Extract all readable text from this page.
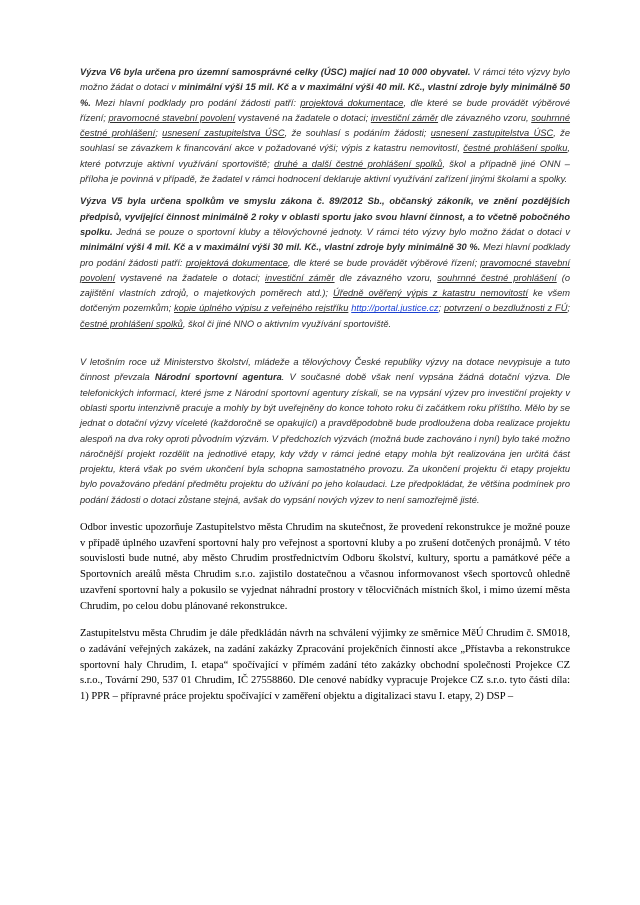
Výzva V6 byla určena pro územní samosprávné celky (ÚSC) mající nad 10 000 obyvatel. V rámci této výzvy bylo možno žádat o dotaci v minimální výši 15 mil. Kč a v maximální výši 40 mil. Kč., vlastní zdroje byly minimálně 50 %. Mezi hlavní podklady pro podání žádosti patří: projektová dokumentace, dle které se bude provádět výběrové řízení; pravomocné stavební povolení vystavené na žadatele o dotaci; investiční záměr dle závazného vzoru, souhrnné čestné prohlášení; usnesení zastupitelstva ÚSC, že souhlasí s podáním žádosti; usnesení zastupitelstva ÚSC, že souhlasí se závazkem k financování akce v požadované výši; výpis z katastru nemovitostí, čestné prohlášení spolku, které potvrzuje aktivní využívání sportoviště; druhé a další čestné prohlášení spolků, škol a případně jiné ONN – příloha je povinná v případě, že žadatel v rámci hodnocení deklaruje aktivní využívání zařízení jinými školami a spolky.

Výzva V5 byla určena spolkům ve smyslu zákona č. 89/2012 Sb., občanský zákoník, ve znění pozdějších předpisů, vyvíjející činnost minimálně 2 roky v oblasti sportu jako svou hlavní činnost, a to včetně pobočného spolku. Jedná se pouze o sportovní kluby a tělovýchovné jednoty. V rámci této výzvy bylo možno žádat o dotaci v minimální výši 4 mil. Kč a v maximální výši 30 mil. Kč., vlastní zdroje byly minimálně 30 %. Mezi hlavní podklady pro podání žádosti patří: projektová dokumentace, dle které se bude provádět výběrové řízení; pravomocné stavební povolení vystavené na žadatele o dotaci; investiční záměr dle závazného vzoru, souhrnné čestné prohlášení (o zajištění vlastních zdrojů, o majetkových poměrech atd.); Úředně ověřený výpis z katastru nemovitostí ke všem dotčeným pozemkům; kopie úplného výpisu z veřejného rejstříku http://portal.justice.cz; potvrzení o bezdlužnosti z FÚ; čestné prohlášení spolků, škol či jiné NNO o aktivním využívání sportoviště.

V letošním roce už Ministerstvo školství, mládeže a tělovýchovy České republiky výzvy na dotace nevypisuje a tuto činnost převzala Národní sportovní agentura. V současné době však není vypsána žádná dotační výzva. Dle telefonických informací, které jsme z Národní sportovní agentury získali, se na vypsání výzev pro investiční projekty v oblasti sportu intenzivně pracuje a mohly by být uveřejněny do konce tohoto roku či začátkem roku příštího. Mělo by se jednat o dotační výzvy víceleté (každoročně se opakující) a pravděpodobně bude prodloužena doba realizace projektu alespoň na dva roky oproti původním výzvám. V předchozích výzvách (možná bude zachováno i nyní) bylo také možno náročnější projekt rozdělit na jednotlivé etapy, kdy vždy v rámci jedné etapy mohla být realizována jen určitá část projektu, která však po svém ukončení byla schopna samostatného provozu. Za ukončení projektu či etapy projektu bylo považováno předání předmětu projektu do užívání po jeho kolaudaci. Lze předpokládat, že většina podmínek pro podání žádosti o dotaci zůstane stejná, avšak do vypsání nových výzev to není samozřejmě jisté.

Odbor investic upozorňuje Zastupitelstvo města Chrudim na skutečnost, že provedení rekonstrukce je možné pouze v případě úplného uzavření sportovní haly pro veřejnost a sportovní kluby a po zrušení dotčených pronájmů. V této souvislosti bude nutné, aby město Chrudim prostřednictvím Odboru školství, kultury, sportu a památkové péče a Sportovních areálů města Chrudim s.r.o. zajistilo dostatečnou a včasnou informovanost všech sportovců ohledně uzavření sportovní haly a pokusilo se vyjednat náhradní prostory v tělocvičnách místních škol, i mimo území města Chrudim, po celou dobu plánované rekonstrukce.

Zastupitelstvu města Chrudim je dále předkládán návrh na schválení výjimky ze směrnice MěÚ Chrudim č. SM018, o zadávání veřejných zakázek, na zadání zakázky Zpracování projekčních činností akce „Přístavba a rekonstrukce sportovní haly Chrudim, I. etapa“ spočívající v přímém zadání této zakázky obchodní společnosti Projekce CZ s.r.o., Tovární 290, 537 01 Chrudim, IČ 27558860. Dle cenové nabídky vypracuje Projekce CZ s.r.o. tyto části díla: 1) PPR – přípravné práce projektu spočívající v zaměření objektu a digitalizaci stavu I. etapy, 2) DSP –
